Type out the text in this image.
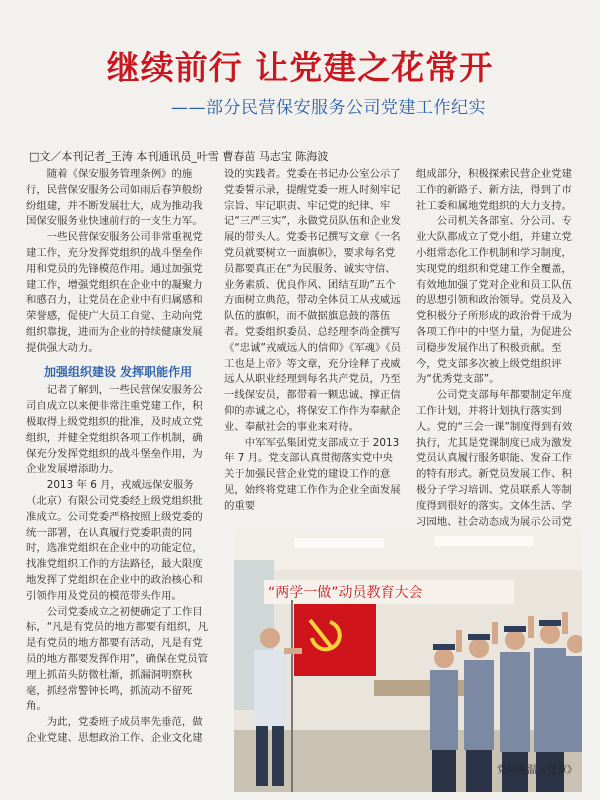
继续前行 让党建之花常开
——部分民营保安服务公司党建工作纪实
□文／本刊记者_王涛 本刊通讯员_叶雪 曹春苗 马志宝 陈海波

随着《保安服务管理条例》的施行，民营保安服务公司如雨后春笋般纷纷组建，并不断发展壮大，成为推动我国保安服务业快速前行的一支生力军。

一些民营保安服务公司非常重视党建工作，充分发挥党组织的战斗堡垒作用和党员的先锋模范作用。通过加强党建工作，增强党组织在企业中的凝聚力和感召力，让党员在企业中有归属感和荣誉感，促使广大员工自觉、主动向党组织靠拢，进而为企业的持续健康发展提供强大动力。

加强组织建设 发挥职能作用

记者了解到，一些民营保安服务公司自成立以来便非常注重党建工作，积极取得上级党组织的批准，及时成立党组织，并健全党组织各项工作机制，确保充分发挥党组织的战斗堡垒作用，为企业发展增添助力。

2013 年 6 月，戎威远保安服务（北京）有限公司党委经上级党组织批准成立。公司党委严格按照上级党委的统一部署，在认真履行党委职责的同时，选准党组织在企业中的功能定位，找准党组织工作的方法路径，最大限度地发挥了党组织在企业中的政治核心和引领作用及党员的模范带头作用。

公司党委成立之初便确定了工作目标，“凡是有党员的地方都要有组织，凡是有党员的地方都要有活动，凡是有党员的地方都要发挥作用”，确保在党员管理上抓苗头防微杜渐，抓漏洞明察秋毫，抓经常警钟长鸣，抓流动不留死角。

为此，党委班子成员率先垂范，做企业党建、思想政治工作、企业文化建

设的实践者。党委在书记办公室公示了党委誓示录，提醒党委一班人时刻牢记宗旨、牢记职责、牢记党的纪律、牢记“三严三实”，永做党员队伍和企业发展的带头人。党委书记撰写文章《一名党员就要树立一面旗帜》，要求每名党员都要真正在“为民服务、诚实守信、业务素质、优良作风、团结互助”五个方面树立典范，带动全体员工从戎威远队伍的旗帜，而不做据旗息鼓的落伍者。党委组织委员、总经理李尚金撰写《“忠诚”戎威远人的信仰》《军魂》《员工也是上帝》等文章，充分诠释了戎威远人从职业经理到每名共产党员，乃至一线保安员，都带着一颗忠诚、撑正信仰的赤诚之心，将保安工作作为奉献企业、奉献社会的事业来对待。

中军军弘集团党支部成立于 2013 年 7 月。党支部认真贯彻落实党中央关于加强民营企业党的建设工作的意见，始终将党建工作作为企业全面发展的重要

组成部分，积极探索民营企业党建工作的新路子、新方法，得到了市社工委和属地党组织的大力支持。

公司机关各部室、分公司、专业大队都成立了党小组，并建立党小组常态化工作机制和学习制度，实现党的组织和党建工作全覆盖，有效地加强了党对企业和员工队伍的思想引领和政治领导。党员及入党积极分子所形成的政治骨干成为各项工作中的中坚力量，为促进公司稳步发展作出了积极贡献。至今，党支部多次被上级党组织评为“优秀党支部”。

公司党支部每年都要制定年度工作计划，并将计划执行落实到人。党的“三会一课”制度得到有效执行，尤其是党课制度已成为激发党员认真履行服务职能、发奋工作的特有形式。新党员发展工作、积极分子学习培训、党员联系人等制度得到很好的落实。文体生活、学习园地、社会动态成为展示公司党

“两学一做”动员教育大会
党员重温《党章》
